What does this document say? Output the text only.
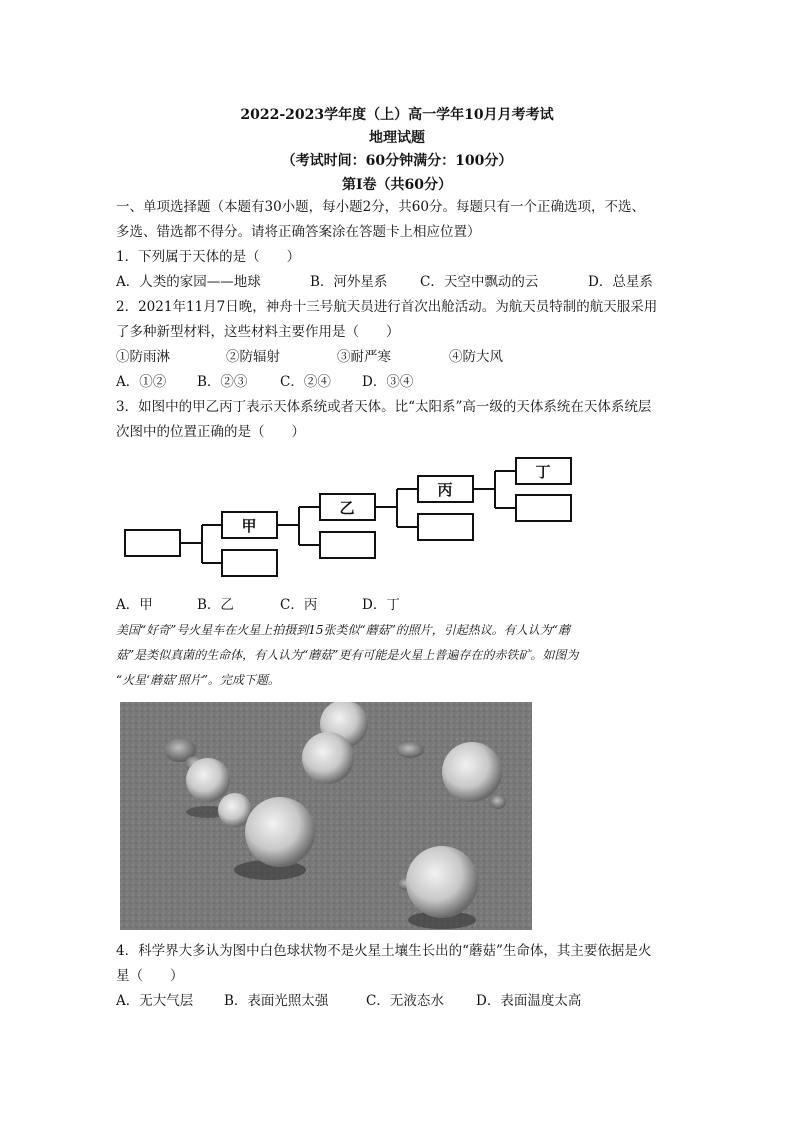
2022-2023学年度（上）高一学年10月月考考试
地理试题
（考试时间：60分钟满分：100分）
第Ⅰ卷（共60分）
一、单项选择题（本题有30小题，每小题2分，共60分。每题只有一个正确选项，不选、
多选、错选都不得分。请将正确答案涂在答题卡上相应位置）
1．下列属于天体的是（　　）
A．人类的家园——地球	B．河外星系 C．天空中飘动的云	D．总星系
2．2021年11月7日晚，神舟十三号航天员进行首次出舱活动。为航天员特制的航天服采用
了多种新型材料，这些材料主要作用是（　　）
①防雨淋	②防辐射	③耐严寒	④防大风
A．①② B．②③ C．②④ D．③④
3．如图中的甲乙丙丁表示天体系统或者天体。比“太阳系”高一级的天体系统在天体系统层
次图中的位置正确的是（　　）
甲
乙
丙
丁
A．甲	B．乙	C．丙	D．丁
美国“好奇”号火星车在火星上拍摄到15张类似“蘑菇”的照片，引起热议。有人认为“蘑
菇”是类似真菌的生命体，有人认为“蘑菇”更有可能是火星上普遍存在的赤铁矿。如图为
“火星‘蘑菇’照片”。完成下题。
4．科学界大多认为图中白色球状物不是火星土壤生长出的“蘑菇”生命体，其主要依据是火
星（　　）
A．无大气层 B．表面光照太强	C．无液态水 D．表面温度太高
